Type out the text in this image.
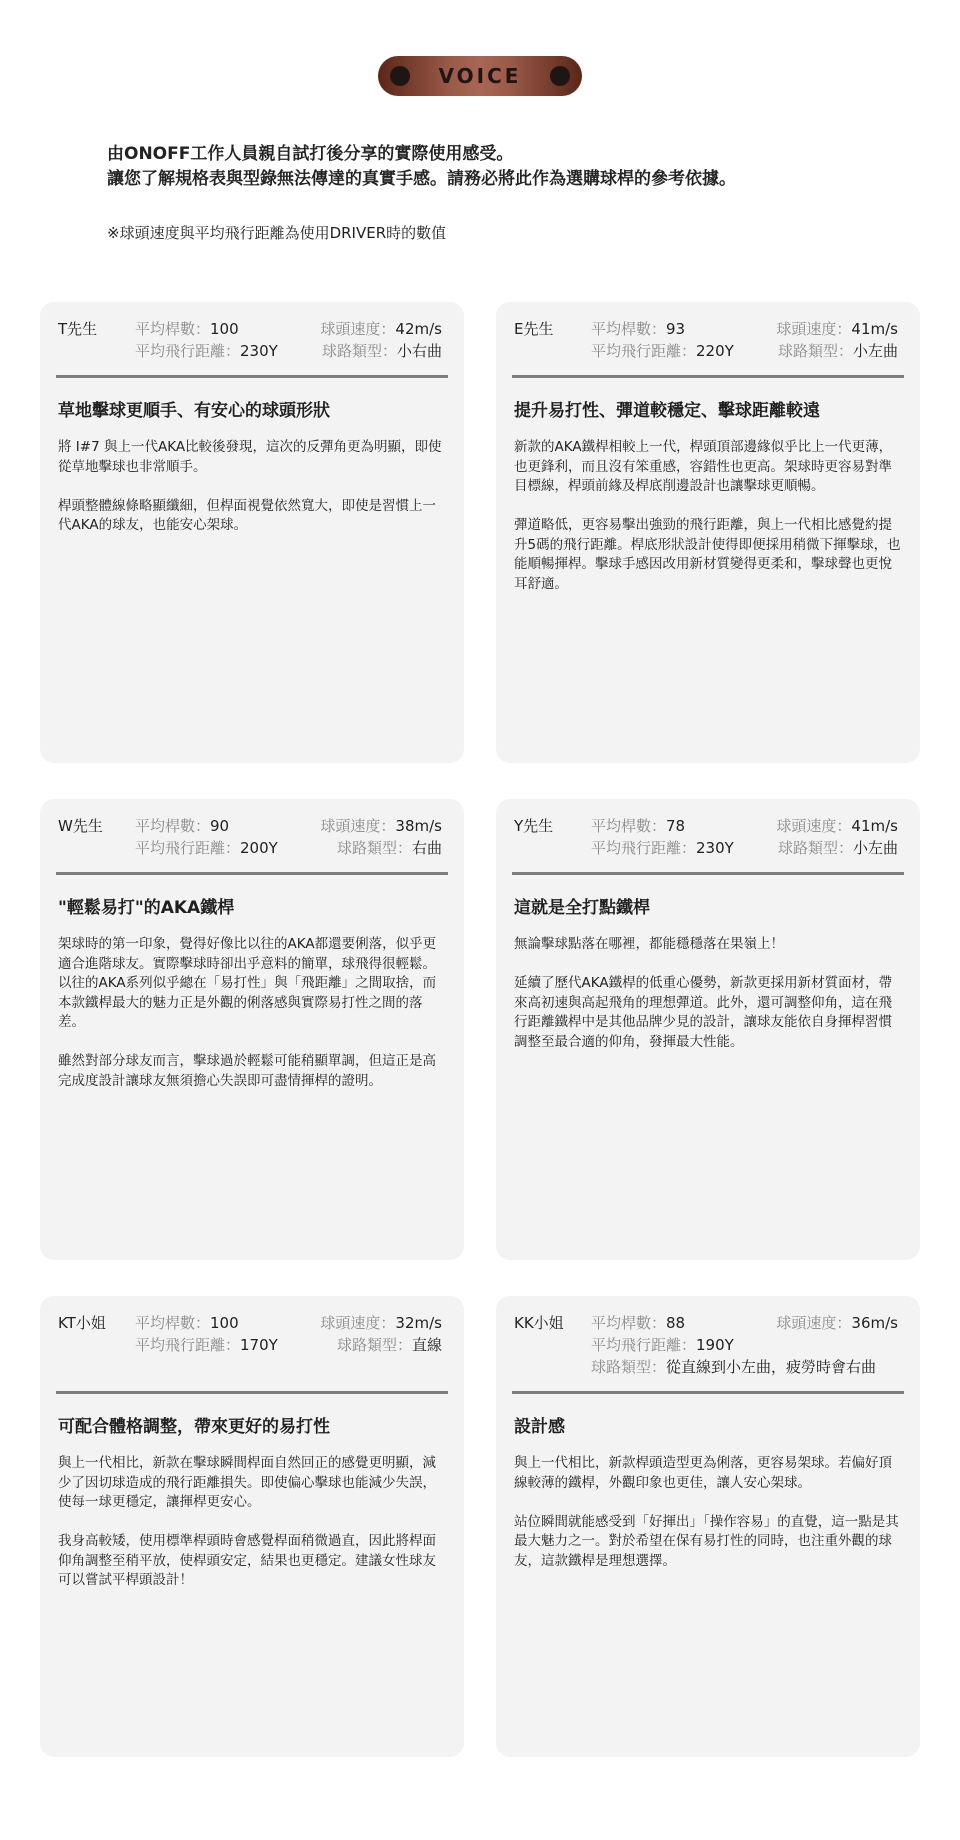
VOICE
由ONOFF工作人員親自試打後分享的實際使用感受。
讓您了解規格表與型錄無法傳達的真實手感。請務必將此作為選購球桿的參考依據。
※球頭速度與平均飛行距離為使用DRIVER時的數值
T先生	平均桿數：100	球頭速度：42m/s
平均飛行距離：230Y	球路類型：小右曲
草地擊球更順手、有安心的球頭形狀

將 I#7 與上一代AKA比較後發現，這次的反彈角更為明顯，即使從草地擊球也非常順手。

桿頭整體線條略顯纖細，但桿面視覺依然寬大，即使是習慣上一代AKA的球友，也能安心架球。

E先生	平均桿數：93	球頭速度：41m/s
平均飛行距離：220Y	球路類型：小左曲
提升易打性、彈道較穩定、擊球距離較遠

新款的AKA鐵桿相較上一代，桿頭頂部邊緣似乎比上一代更薄，也更鋒利，而且沒有笨重感，容錯性也更高。架球時更容易對準目標線，桿頭前緣及桿底削邊設計也讓擊球更順暢。

彈道略低，更容易擊出強勁的飛行距離，與上一代相比感覺約提升5碼的飛行距離。桿底形狀設計使得即便採用稍微下揮擊球，也能順暢揮桿。擊球手感因改用新材質變得更柔和，擊球聲也更悅耳舒適。

W先生 平均桿數：90	球頭速度：38m/s
平均飛行距離：200Y	球路類型：右曲
"輕鬆易打"的AKA鐵桿

架球時的第一印象，覺得好像比以往的AKA都還要俐落，似乎更適合進階球友。實際擊球時卻出乎意料的簡單，球飛得很輕鬆。以往的AKA系列似乎總在「易打性」與「飛距離」之間取捨，而本款鐵桿最大的魅力正是外觀的俐落感與實際易打性之間的落差。

雖然對部分球友而言，擊球過於輕鬆可能稍顯單調，但這正是高完成度設計讓球友無須擔心失誤即可盡情揮桿的證明。

Y先生	平均桿數：78	球頭速度：41m/s
平均飛行距離：230Y	球路類型：小左曲
這就是全打點鐵桿

無論擊球點落在哪裡，都能穩穩落在果嶺上！

延續了歷代AKA鐵桿的低重心優勢，新款更採用新材質面材，帶來高初速與高起飛角的理想彈道。此外，還可調整仰角，這在飛行距離鐵桿中是其他品牌少見的設計，讓球友能依自身揮桿習慣調整至最合適的仰角，發揮最大性能。

KT小姐 平均桿數：100	球頭速度：32m/s
平均飛行距離：170Y	球路類型：直線
可配合體格調整，帶來更好的易打性

與上一代相比，新款在擊球瞬間桿面自然回正的感覺更明顯，減少了因切球造成的飛行距離損失。即使偏心擊球也能減少失誤，使每一球更穩定，讓揮桿更安心。

我身高較矮，使用標準桿頭時會感覺桿面稍微過直，因此將桿面仰角調整至稍平放，使桿頭安定，結果也更穩定。建議女性球友可以嘗試平桿頭設計！

KK小姐 平均桿數：88	球頭速度：36m/s
平均飛行距離：190Y
球路類型：從直線到小左曲，疲勞時會右曲
設計感

與上一代相比，新款桿頭造型更為俐落，更容易架球。若偏好頂線較薄的鐵桿，外觀印象也更佳，讓人安心架球。

站位瞬間就能感受到「好揮出」「操作容易」的直覺，這一點是其最大魅力之一。對於希望在保有易打性的同時，也注重外觀的球友，這款鐵桿是理想選擇。
